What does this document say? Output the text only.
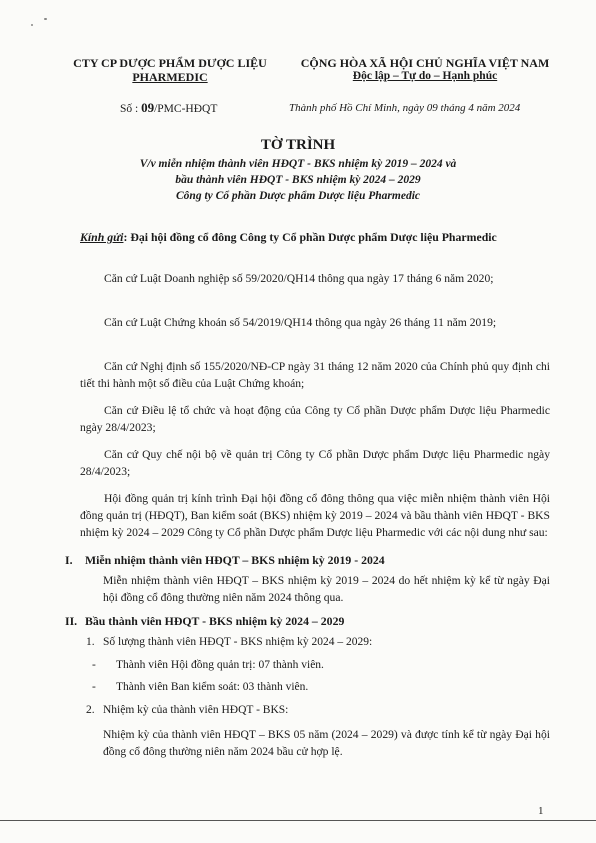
CTY CP DƯỢC PHẨM DƯỢC LIỆU
PHARMEDIC
CỘNG HÒA XÃ HỘI CHỦ NGHĨA VIỆT NAM
Độc lập – Tự do – Hạnh phúc
Số : 09/PMC-HĐQT	Thành phố Hồ Chí Minh, ngày 09 tháng 4 năm 2024
TỜ TRÌNH
V/v miễn nhiệm thành viên HĐQT - BKS nhiệm kỳ 2019 – 2024 và
bầu thành viên HĐQT - BKS nhiệm kỳ 2024 – 2029
Công ty Cổ phần Dược phẩm Dược liệu Pharmedic
Kính gửi: Đại hội đồng cổ đông Công ty Cổ phần Dược phẩm Dược liệu Pharmedic

Căn cứ Luật Doanh nghiệp số 59/2020/QH14 thông qua ngày 17 tháng 6 năm 2020;

Căn cứ Luật Chứng khoán số 54/2019/QH14 thông qua ngày 26 tháng 11 năm 2019;

Căn cứ Nghị định số 155/2020/NĐ-CP ngày 31 tháng 12 năm 2020 của Chính phủ quy định chi tiết thi hành một số điều của Luật Chứng khoán;

Căn cứ Điều lệ tổ chức và hoạt động của Công ty Cổ phần Dược phẩm Dược liệu Pharmedic ngày 28/4/2023;

Căn cứ Quy chế nội bộ về quản trị Công ty Cổ phần Dược phẩm Dược liệu Pharmedic ngày 28/4/2023;

Hội đồng quản trị kính trình Đại hội đồng cổ đông thông qua việc miễn nhiệm thành viên Hội đồng quản trị (HĐQT), Ban kiểm soát (BKS) nhiệm kỳ 2019 – 2024 và bầu thành viên HĐQT - BKS nhiệm kỳ 2024 – 2029 Công ty Cổ phần Dược phẩm Dược liệu Pharmedic với các nội dung như sau:

I. Miễn nhiệm thành viên HĐQT – BKS nhiệm kỳ 2019 - 2024

Miễn nhiệm thành viên HĐQT – BKS nhiệm kỳ 2019 – 2024 do hết nhiệm kỳ kể từ ngày Đại hội đồng cổ đông thường niên năm 2024 thông qua.

II. Bầu thành viên HĐQT - BKS nhiệm kỳ 2024 – 2029
1. Số lượng thành viên HĐQT - BKS nhiệm kỳ 2024 – 2029:
- Thành viên Hội đồng quản trị: 07 thành viên.
- Thành viên Ban kiểm soát: 03 thành viên.
2. Nhiệm kỳ của thành viên HĐQT - BKS:

Nhiệm kỳ của thành viên HĐQT – BKS 05 năm (2024 – 2029) và được tính kể từ ngày Đại hội đồng cổ đông thường niên năm 2024 bầu cử hợp lệ.

1
